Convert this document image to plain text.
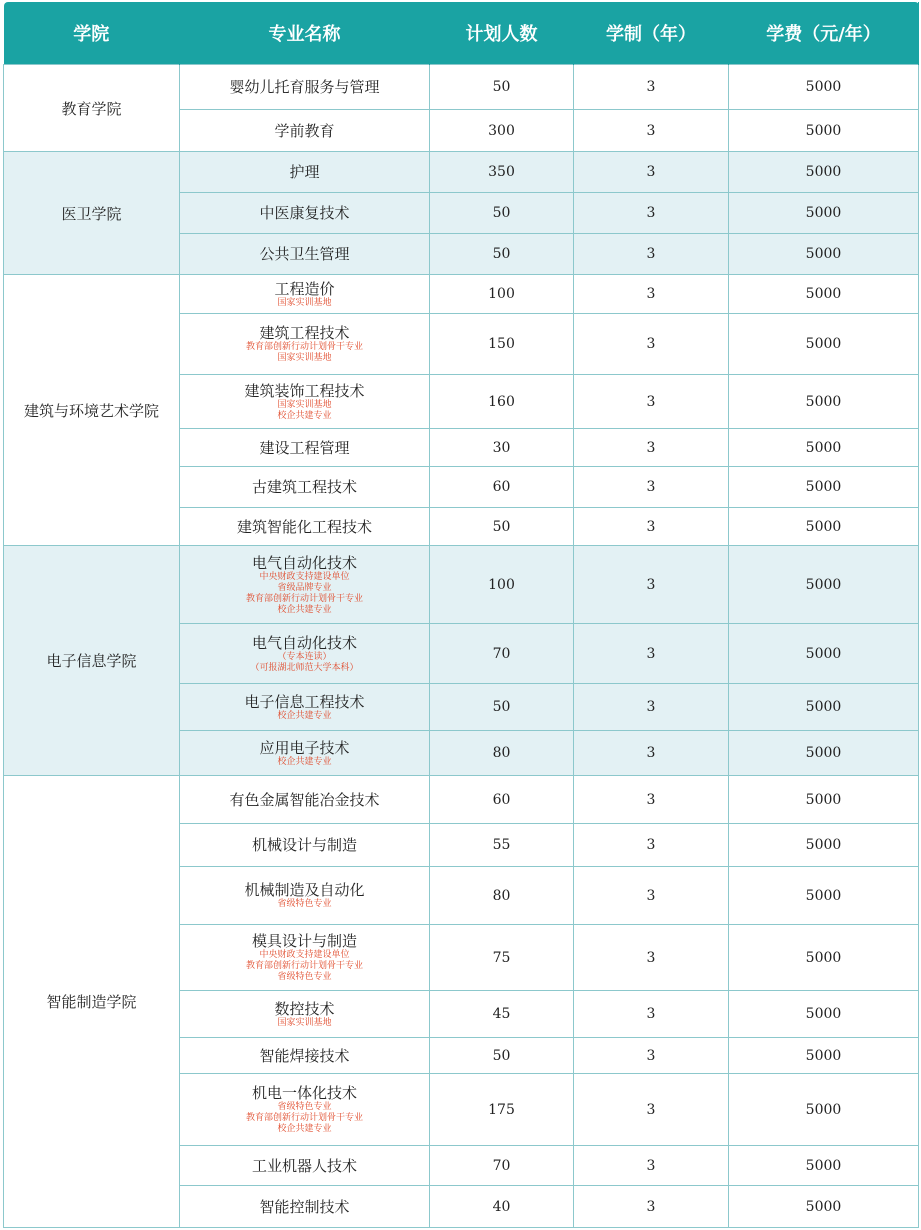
学院	专业名称	计划人数	学制（年）	学费（元/年）
教育学院	婴幼儿托育服务与管理	50	3	5000

	学前教育	300	3	5000
医卫学院	护理	350	3	5000

	中医康复技术	50	3	5000

	公共卫生管理	50	3	5000
建筑与环境艺术学院	工程造价
国家实训基地	100	3	5000

	建筑工程技术
教育部创新行动计划骨干专业
国家实训基地	150	3	5000

	建筑装饰工程技术
国家实训基地
校企共建专业	160	3	5000

	建设工程管理	30	3	5000

	古建筑工程技术	60	3	5000

	建筑智能化工程技术	50	3	5000
电子信息学院	电气自动化技术
中央财政支持建设单位
省级品牌专业
教育部创新行动计划骨干专业
校企共建专业	100	3	5000

	电气自动化技术
（专本连读）
（可报湖北师范大学本科）	70	3	5000

	电子信息工程技术
校企共建专业	50	3	5000

	应用电子技术
校企共建专业	80	3	5000
智能制造学院	有色金属智能冶金技术	60	3	5000

	机械设计与制造	55	3	5000

	机械制造及自动化
省级特色专业	80	3	5000

	模具设计与制造
中央财政支持建设单位
教育部创新行动计划骨干专业
省级特色专业	75	3	5000

	数控技术
国家实训基地	45	3	5000

	智能焊接技术	50	3	5000

	机电一体化技术
省级特色专业
教育部创新行动计划骨干专业
校企共建专业	175	3	5000

	工业机器人技术	70	3	5000

	智能控制技术	40	3	5000
